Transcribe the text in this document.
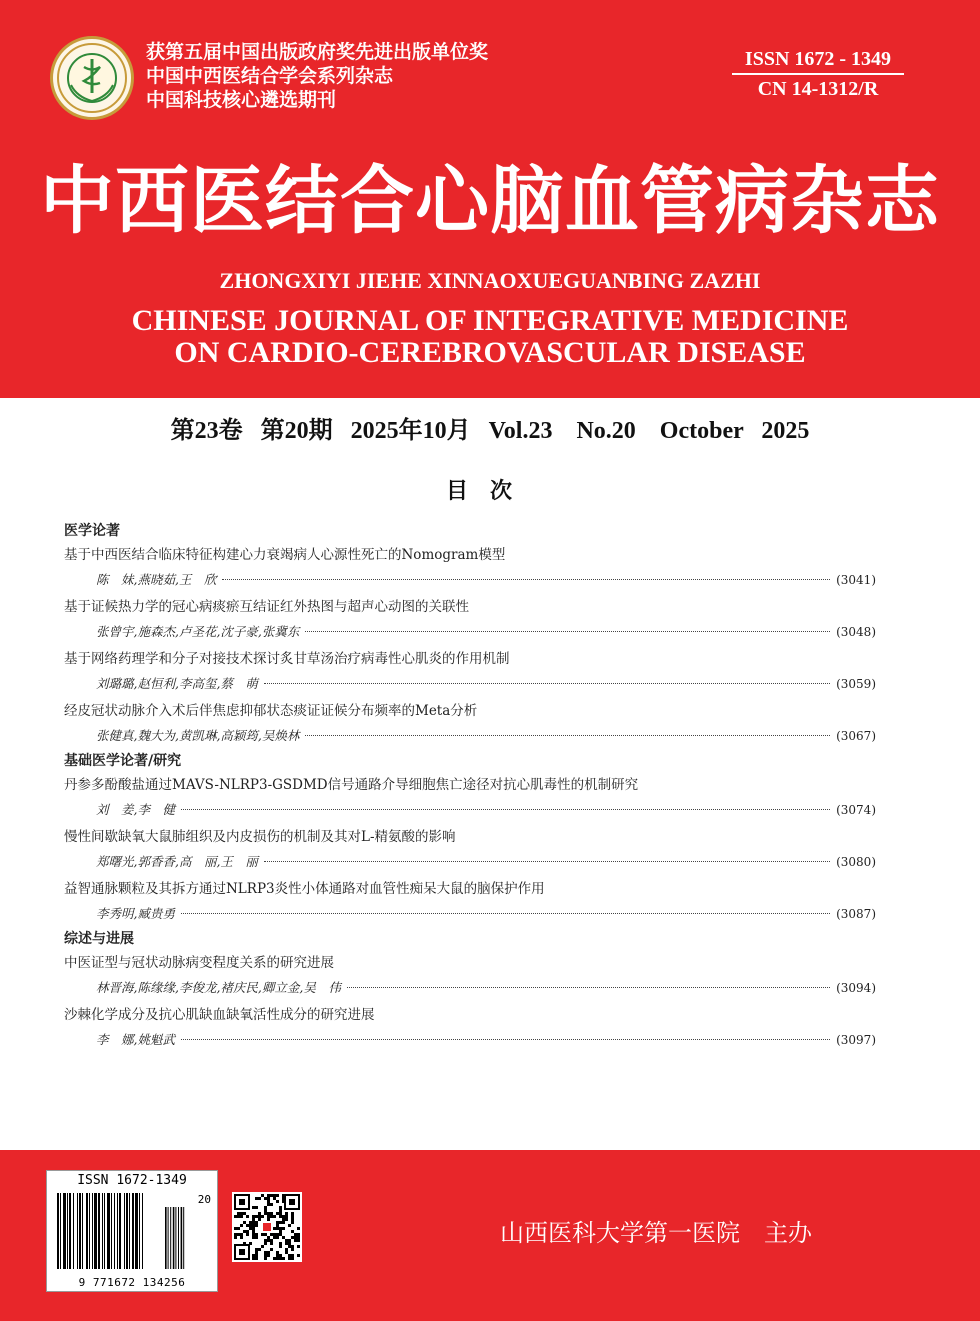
获第五届中国出版政府奖先进出版单位奖
中国中西医结合学会系列杂志
中国科技核心遴选期刊
ISSN 1672 - 1349
CN 14-1312/R
中西医结合心脑血管病杂志
ZHONGXIYI JIEHE XINNAOXUEGUANBING ZAZHI
CHINESE JOURNAL OF INTEGRATIVE MEDICINE
ON CARDIO-CEREBROVASCULAR DISEASE
第23卷   第20期   2025年10月   Vol.23    No.20    October   2025
目次
医学论著
基于中西医结合临床特征构建心力衰竭病人心源性死亡的Nomogram模型
陈　妹,燕晓茹,王　欣	(3041)
基于证候热力学的冠心病痰瘀互结证红外热图与超声心动图的关联性
张曾宇,施森杰,卢圣花,沈子豪,张冀东	(3048)
基于网络药理学和分子对接技术探讨炙甘草汤治疗病毒性心肌炎的作用机制
刘璐璐,赵恒利,李高玺,蔡　萌	(3059)
经皮冠状动脉介入术后伴焦虑抑郁状态痰证证候分布频率的Meta分析
张健真,魏大为,黄凯琳,高颖筠,吴焕林	(3067)
基础医学论著/研究
丹参多酚酸盐通过MAVS-NLRP3-GSDMD信号通路介导细胞焦亡途径对抗心肌毒性的机制研究
刘　姜,李　健	(3074)
慢性间歇缺氧大鼠肺组织及内皮损伤的机制及其对L-精氨酸的影响
郑曙光,郭香香,高　丽,王　丽	(3080)
益智通脉颗粒及其拆方通过NLRP3炎性小体通路对血管性痴呆大鼠的脑保护作用
李秀明,臧贵勇	(3087)
综述与进展
中医证型与冠状动脉病变程度关系的研究进展
林晋海,陈缘缘,李俊龙,褚庆民,卿立金,吴　伟	(3094)
沙棘化学成分及抗心肌缺血缺氧活性成分的研究进展
李　娜,姚魁武	(3097)
ISSN 1672-1349
20
9 771672 134256
山西医科大学第一医院　主办
